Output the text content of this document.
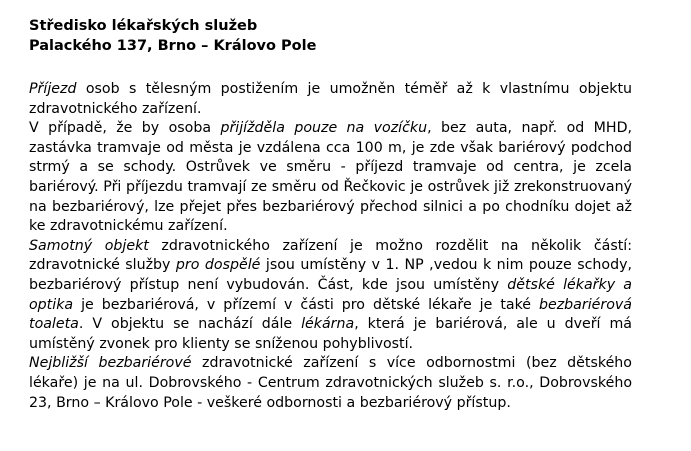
Středisko lékařských služeb
Palackého 137, Brno – Královo Pole

Příjezd osob s tělesným postižením je umožněn téměř až k vlastnímu objektu zdravotnického zařízení.

V případě, že by osoba přijížděla pouze na vozíčku, bez auta, např. od MHD, zastávka tramvaje od města je vzdálena cca 100 m, je zde však bariérový podchod strmý a se schody. Ostrůvek ve směru - příjezd tramvaje od centra, je zcela bariérový. Při příjezdu tramvají ze směru od Řečkovic je ostrůvek již zrekonstruovaný na bezbariérový, lze přejet přes bezbariérový přechod silnici a po chodníku dojet až ke zdravotnickému zařízení.

Samotný objekt zdravotnického zařízení je možno rozdělit na několik částí: zdravotnické služby pro dospělé jsou umístěny v 1. NP ,vedou k nim pouze schody, bezbariérový přístup není vybudován. Část, kde jsou umístěny dětské lékařky a optika je bezbariérová, v přízemí v části pro dětské lékaře je také bezbariérová toaleta. V objektu se nachází dále lékárna, která je bariérová, ale u dveří má umístěný zvonek pro klienty se sníženou pohyblivostí.

Nejbližší bezbariérové zdravotnické zařízení s více odbornostmi (bez dětského lékaře) je na ul. Dobrovského - Centrum zdravotnických služeb s. r.o., Dobrovského 23, Brno – Královo Pole - veškeré odbornosti a bezbariérový přístup.
